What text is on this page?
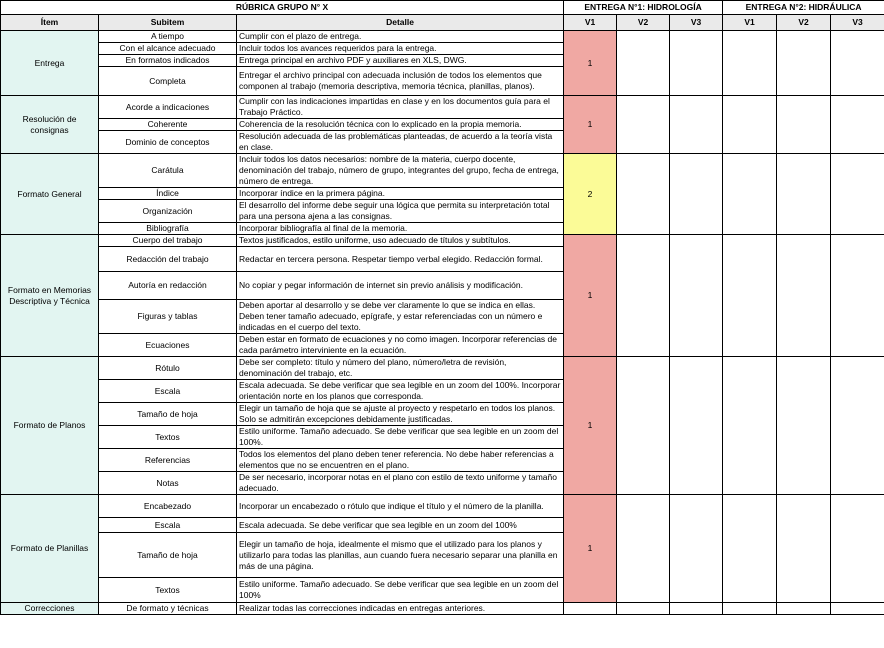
RÚBRICA GRUPO N° X			ENTREGA N°1: HIDROLOGÍA			ENTREGA N°2: HIDRÁULICA		
Ítem	Subitem	Detalle	V1	V2	V3	V1	V2	V3
Entrega	A tiempo	Cumplir con el plazo de entrega.	1					
	Con el alcance adecuado	Incluir todos los avances requeridos para la entrega.						
	En formatos indicados	Entrega principal en archivo PDF y auxiliares en XLS, DWG.						
	Completa	Entregar el archivo principal con adecuada inclusión de todos los elementos que componen al trabajo (memoria descriptiva, memoria técnica, planillas, planos).						
Resolución de consignas	Acorde a indicaciones	Cumplir con las indicaciones impartidas en clase y en los documentos guía para el Trabajo Práctico.	1					
	Coherente	Coherencia de la resolución técnica con lo explicado en la propia memoria.						
	Dominio de conceptos	Resolución adecuada de las problemáticas planteadas, de acuerdo a la teoría vista en clase.						
Formato General	Carátula	Incluir todos los datos necesarios: nombre de la materia, cuerpo docente, denominación del trabajo, número de grupo, integrantes del grupo, fecha de entrega, número de entrega.	2					
	Índice	Incorporar índice en la primera página.						
	Organización	El desarrollo del informe debe seguir una lógica que permita su interpretación total para una persona ajena a las consignas.						
	Bibliografía	Incorporar bibliografía al final de la memoria.						
Formato en Memorias Descriptiva y Técnica	Cuerpo del trabajo	Textos justificados, estilo uniforme, uso adecuado de títulos y subtítulos.	1					
	Redacción del trabajo	Redactar en tercera persona. Respetar tiempo verbal elegido. Redacción formal.						
	Autoría en redacción	No copiar y pegar información de internet sin previo análisis y modificación.						
	Figuras y tablas	Deben aportar al desarrollo y se debe ver claramente lo que se indica en ellas. Deben tener tamaño adecuado, epígrafe, y estar referenciadas con un número e indicadas en el cuerpo del texto.						
	Ecuaciones	Deben estar en formato de ecuaciones y no como imagen. Incorporar referencias de cada parámetro interviniente en la ecuación.						
Formato de Planos	Rótulo	Debe ser completo: título y número del plano, número/letra de revisión, denominación del trabajo, etc.	1					
	Escala	Escala adecuada. Se debe verificar que sea legible en un zoom del 100%. Incorporar orientación norte en los planos que corresponda.						
	Tamaño de hoja	Elegir un tamaño de hoja que se ajuste al proyecto y respetarlo en todos los planos. Solo se admitirán excepciones debidamente justificadas.						
	Textos	Estilo uniforme. Tamaño adecuado. Se debe verificar que sea legible en un zoom del 100%.						
	Referencias	Todos los elementos del plano deben tener referencia. No debe haber referencias a elementos que no se encuentren en el plano.						
	Notas	De ser necesario, incorporar notas en el plano con estilo de texto uniforme y tamaño adecuado.						
Formato de Planillas	Encabezado	Incorporar un encabezado o rótulo que indique el título y el número de la planilla.	1					
	Escala	Escala adecuada. Se debe verificar que sea legible en un zoom del 100%						
	Tamaño de hoja	Elegir un tamaño de hoja, idealmente el mismo que el utilizado para los planos y utilizarlo para todas las planillas, aun cuando fuera necesario separar una planilla en más de una página.						
	Textos	Estilo uniforme. Tamaño adecuado. Se debe verificar que sea legible en un zoom del 100%						
Correcciones	De formato y técnicas	Realizar todas las correcciones indicadas en entregas anteriores.						
